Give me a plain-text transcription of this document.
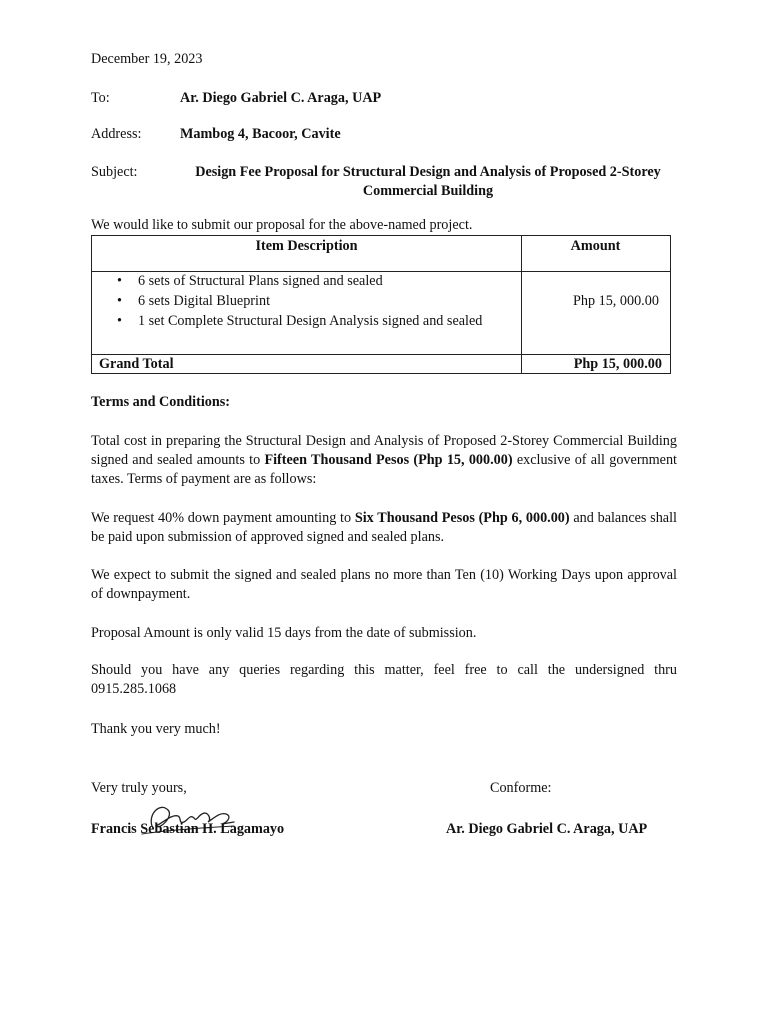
December 19, 2023
To:	Ar. Diego Gabriel C. Araga, UAP
Address:	Mambog 4, Bacoor, Cavite
Subject:	Design Fee Proposal for Structural Design and Analysis of Proposed 2-Storey
Commercial Building
We would like to submit our proposal for the above-named project.
Item Description	Amount
• 6 sets of Structural Plans signed and sealed
• 6 sets Digital Blueprint
• 1 set Complete Structural Design Analysis signed and sealed
Php 15, 000.00
Grand Total	Php 15, 000.00
Terms and Conditions:
Total cost in preparing the Structural Design and Analysis of Proposed 2-Storey Commercial Building signed and sealed amounts to Fifteen Thousand Pesos (Php 15, 000.00) exclusive of all government taxes. Terms of payment are as follows:
We request 40% down payment amounting to Six Thousand Pesos (Php 6, 000.00) and balances shall be paid upon submission of approved signed and sealed plans.
We expect to submit the signed and sealed plans no more than Ten (10) Working Days upon approval of downpayment.
Proposal Amount is only valid 15 days from the date of submission.
Should you have any queries regarding this matter, feel free to call the undersigned thru 0915.285.1068
Thank you very much!
Very truly yours,	Conforme:
Francis Sebastian H. Lagamayo	Ar. Diego Gabriel C. Araga, UAP
